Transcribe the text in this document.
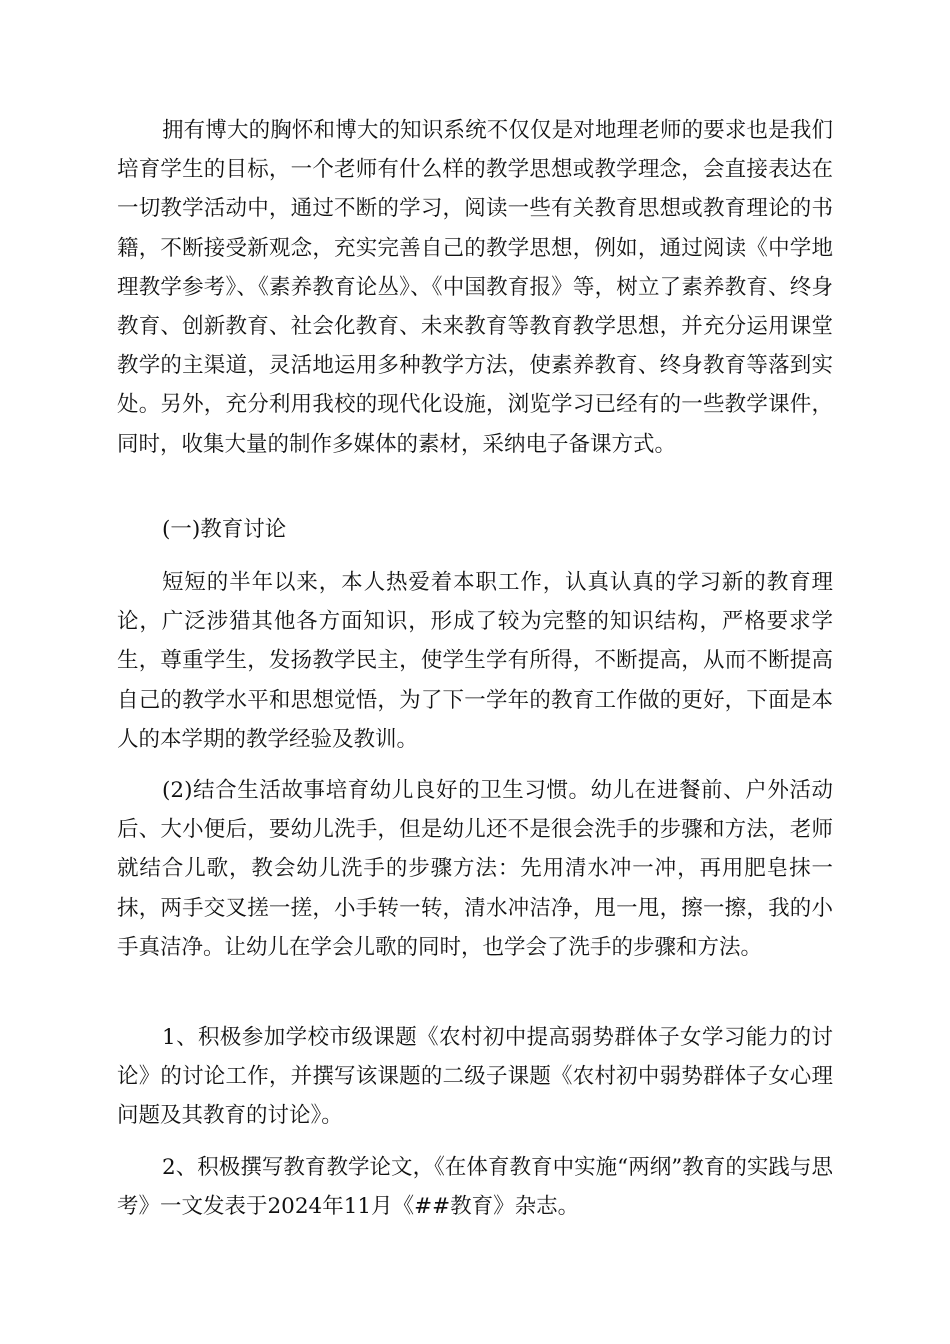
拥有博大的胸怀和博大的知识系统不仅仅是对地理老师的要求也是我们培育学生的目标，一个老师有什么样的教学思想或教学理念，会直接表达在一切教学活动中，通过不断的学习，阅读一些有关教育思想或教育理论的书籍，不断接受新观念，充实完善自己的教学思想，例如，通过阅读《中学地理教学参考》、《素养教育论丛》、《中国教育报》等，树立了素养教育、终身教育、创新教育、社会化教育、未来教育等教育教学思想，并充分运用课堂教学的主渠道，灵活地运用多种教学方法，使素养教育、终身教育等落到实处。另外，充分利用我校的现代化设施，浏览学习已经有的一些教学课件，同时，收集大量的制作多媒体的素材，采纳电子备课方式。

(一)教育讨论

短短的半年以来，本人热爱着本职工作，认真认真的学习新的教育理论，广泛涉猎其他各方面知识，形成了较为完整的知识结构，严格要求学生，尊重学生，发扬教学民主，使学生学有所得，不断提高，从而不断提高自己的教学水平和思想觉悟，为了下一学年的教育工作做的更好，下面是本人的本学期的教学经验及教训。

(2)结合生活故事培育幼儿良好的卫生习惯。幼儿在进餐前、户外活动后、大小便后，要幼儿洗手，但是幼儿还不是很会洗手的步骤和方法，老师就结合儿歌，教会幼儿洗手的步骤方法：先用清水冲一冲，再用肥皂抹一抹，两手交叉搓一搓，小手转一转，清水冲洁净，甩一甩，擦一擦，我的小手真洁净。让幼儿在学会儿歌的同时，也学会了洗手的步骤和方法。

1、积极参加学校市级课题《农村初中提高弱势群体子女学习能力的讨论》的讨论工作，并撰写该课题的二级子课题《农村初中弱势群体子女心理问题及其教育的讨论》。

2、积极撰写教育教学论文，《在体育教育中实施“两纲”教育的实践与思考》一文发表于2024年11月《##教育》杂志。
